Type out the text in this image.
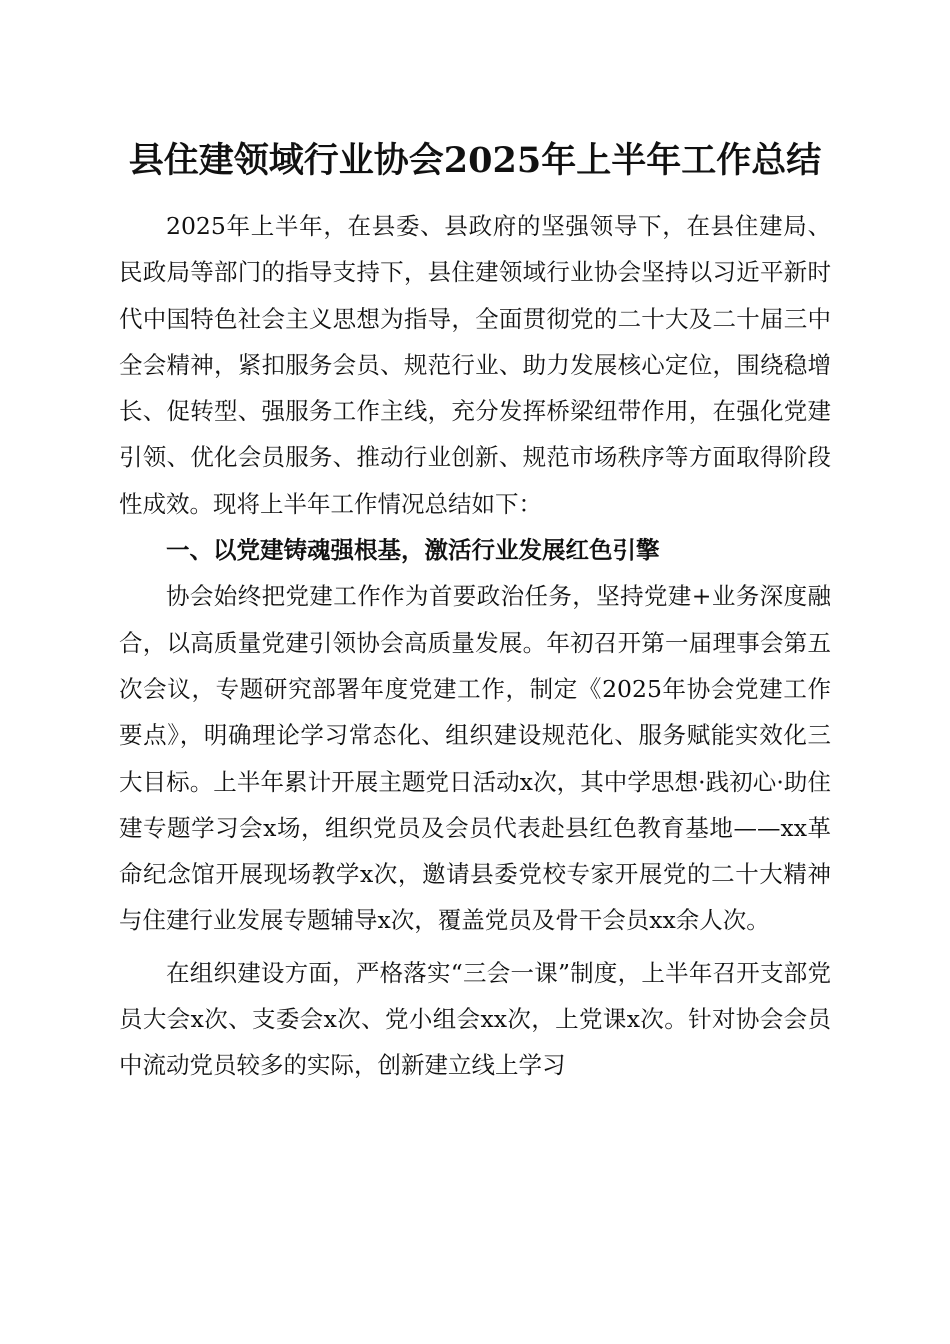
县住建领域行业协会2025年上半年工作总结

2025年上半年，在县委、县政府的坚强领导下，在县住建局、民政局等部门的指导支持下，县住建领域行业协会坚持以习近平新时代中国特色社会主义思想为指导，全面贯彻党的二十大及二十届三中全会精神，紧扣服务会员、规范行业、助力发展核心定位，围绕稳增长、促转型、强服务工作主线，充分发挥桥梁纽带作用，在强化党建引领、优化会员服务、推动行业创新、规范市场秩序等方面取得阶段性成效。现将上半年工作情况总结如下：

一、以党建铸魂强根基，激活行业发展红色引擎

协会始终把党建工作作为首要政治任务，坚持党建+业务深度融合，以高质量党建引领协会高质量发展。年初召开第一届理事会第五次会议，专题研究部署年度党建工作，制定《2025年协会党建工作要点》，明确理论学习常态化、组织建设规范化、服务赋能实效化三大目标。上半年累计开展主题党日活动x次，其中学思想·践初心·助住建专题学习会x场，组织党员及会员代表赴县红色教育基地——xx革命纪念馆开展现场教学x次，邀请县委党校专家开展党的二十大精神与住建行业发展专题辅导x次，覆盖党员及骨干会员xx余人次。

在组织建设方面，严格落实“三会一课”制度，上半年召开支部党员大会x次、支委会x次、党小组会xx次，上党课x次。针对协会会员中流动党员较多的实际，创新建立线上学习
